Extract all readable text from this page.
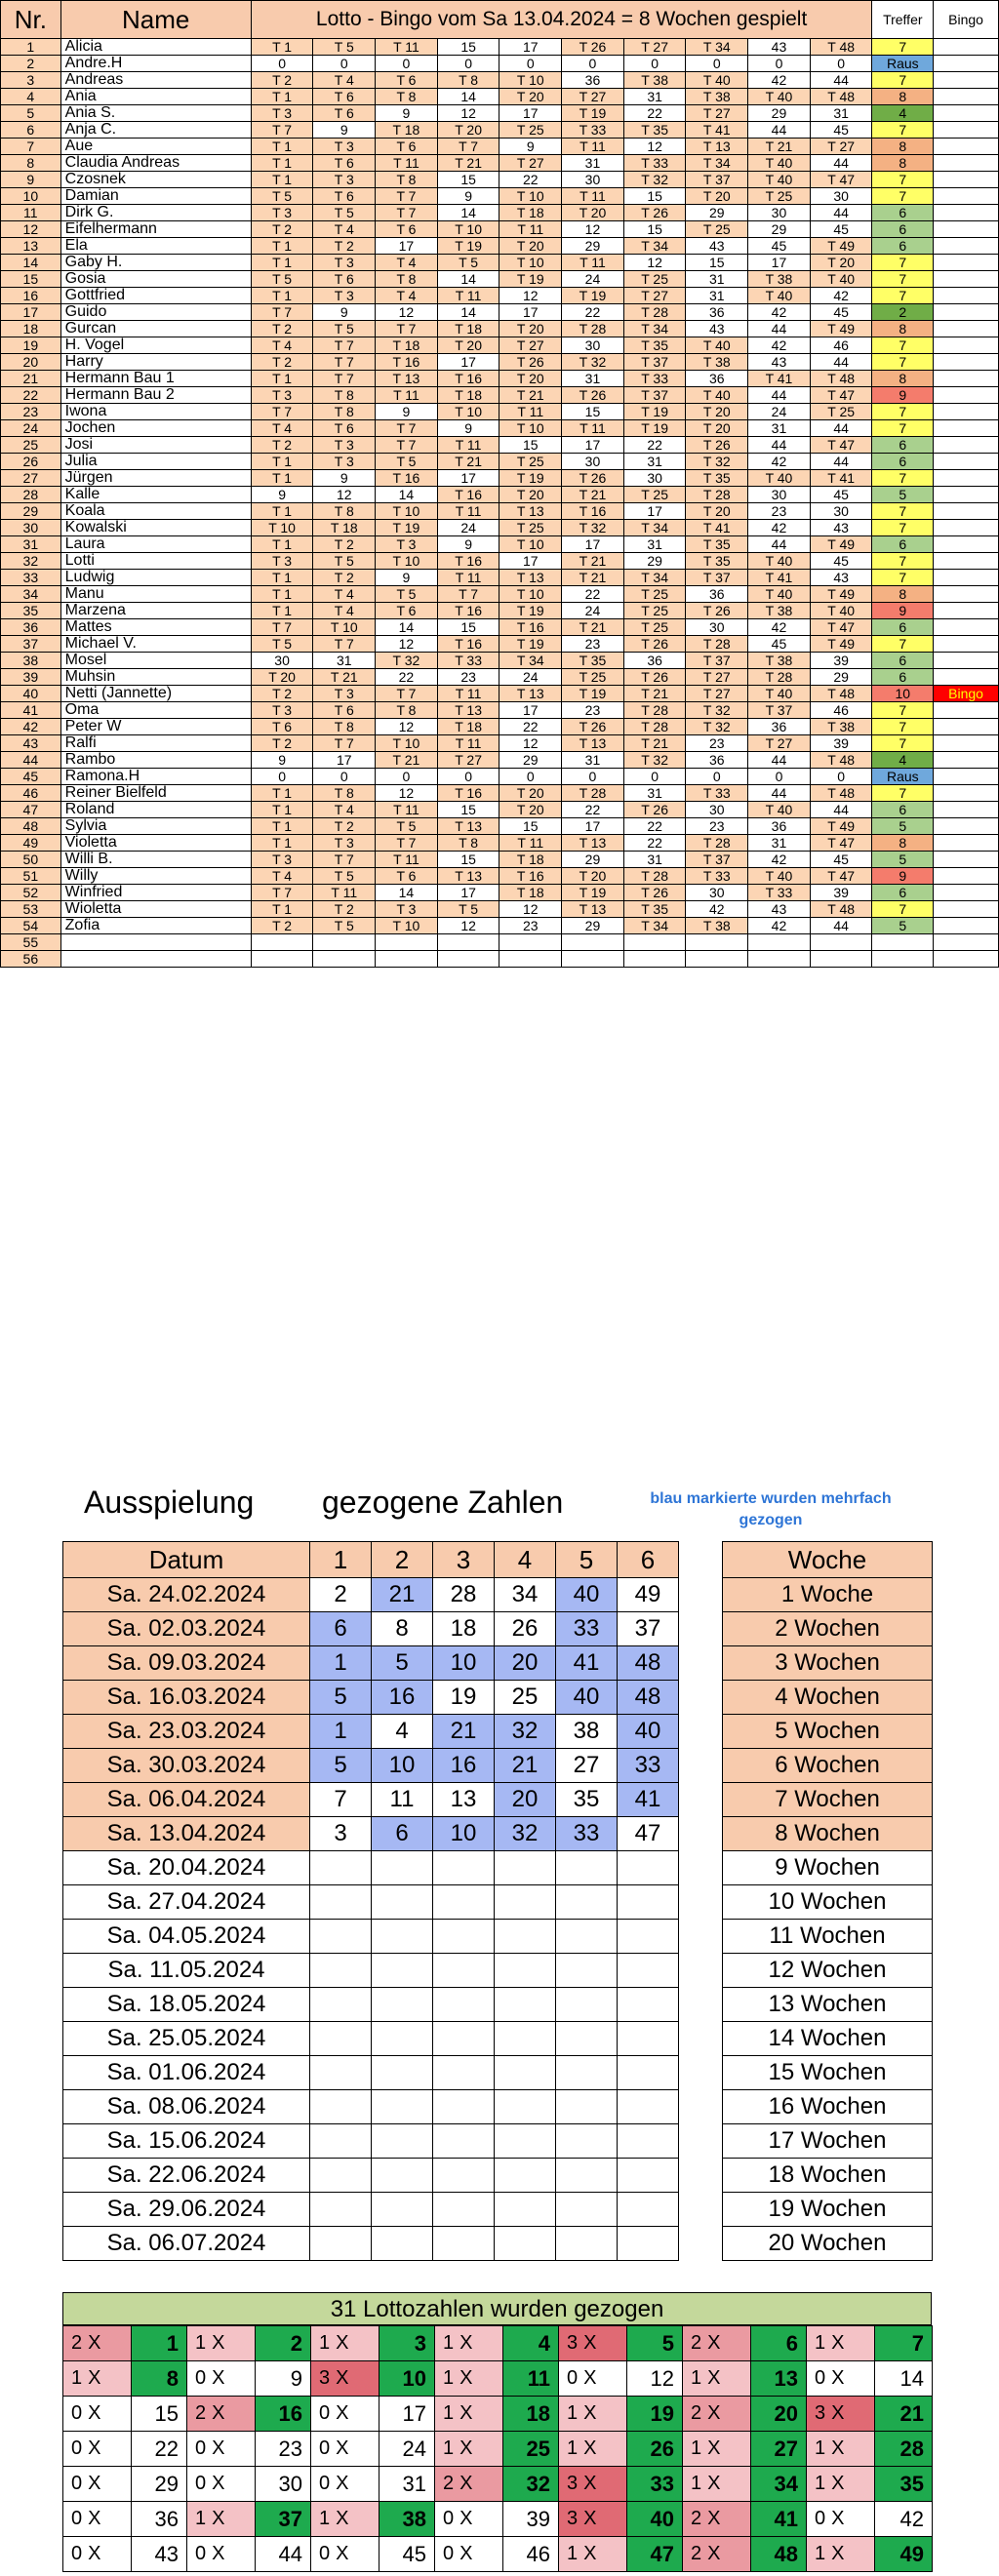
Nr.	Name	Lotto - Bingo vom Sa 13.04.2024 = 8 Wochen gespielt										Treffer	Bingo
1	Alicia	T 1	T 5	T 11	15	17	T 26	T 27	T 34	43	T 48	7	
2	Andre.H	0	0	0	0	0	0	0	0	0	0	Raus	
3	Andreas	T 2	T 4	T 6	T 8	T 10	36	T 38	T 40	42	44	7	
4	Ania	T 1	T 6	T 8	14	T 20	T 27	31	T 38	T 40	T 48	8	
5	Ania S.	T 3	T 6	9	12	17	T 19	22	T 27	29	31	4	
6	Anja C.	T 7	9	T 18	T 20	T 25	T 33	T 35	T 41	44	45	7	
7	Aue	T 1	T 3	T 6	T 7	9	T 11	12	T 13	T 21	T 27	8	
8	Claudia Andreas	T 1	T 6	T 11	T 21	T 27	31	T 33	T 34	T 40	44	8	
9	Czosnek	T 1	T 3	T 8	15	22	30	T 32	T 37	T 40	T 47	7	
10	Damian	T 5	T 6	T 7	9	T 10	T 11	15	T 20	T 25	30	7	
11	Dirk G.	T 3	T 5	T 7	14	T 18	T 20	T 26	29	30	44	6	
12	Eifelhermann	T 2	T 4	T 6	T 10	T 11	12	15	T 25	29	45	6	
13	Ela	T 1	T 2	17	T 19	T 20	29	T 34	43	45	T 49	6	
14	Gaby H.	T 1	T 3	T 4	T 5	T 10	T 11	12	15	17	T 20	7	
15	Gosia	T 5	T 6	T 8	14	T 19	24	T 25	31	T 38	T 40	7	
16	Gottfried	T 1	T 3	T 4	T 11	12	T 19	T 27	31	T 40	42	7	
17	Guido	T 7	9	12	14	17	22	T 28	36	42	45	2	
18	Gurcan	T 2	T 5	T 7	T 18	T 20	T 28	T 34	43	44	T 49	8	
19	H. Vogel	T 4	T 7	T 18	T 20	T 27	30	T 35	T 40	42	46	7	
20	Harry	T 2	T 7	T 16	17	T 26	T 32	T 37	T 38	43	44	7	
21	Hermann Bau 1	T 1	T 7	T 13	T 16	T 20	31	T 33	36	T 41	T 48	8	
22	Hermann Bau 2	T 3	T 8	T 11	T 18	T 21	T 26	T 37	T 40	44	T 47	9	
23	Iwona	T 7	T 8	9	T 10	T 11	15	T 19	T 20	24	T 25	7	
24	Jochen	T 4	T 6	T 7	9	T 10	T 11	T 19	T 20	31	44	7	
25	Josi	T 2	T 3	T 7	T 11	15	17	22	T 26	44	T 47	6	
26	Julia	T 1	T 3	T 5	T 21	T 25	30	31	T 32	42	44	6	
27	Jürgen	T 1	9	T 16	17	T 19	T 26	30	T 35	T 40	T 41	7	
28	Kalle	9	12	14	T 16	T 20	T 21	T 25	T 28	30	45	5	
29	Koala	T 1	T 8	T 10	T 11	T 13	T 16	17	T 20	23	30	7	
30	Kowalski	T 10	T 18	T 19	24	T 25	T 32	T 34	T 41	42	43	7	
31	Laura	T 1	T 2	T 3	9	T 10	17	31	T 35	44	T 49	6	
32	Lotti	T 3	T 5	T 10	T 16	17	T 21	29	T 35	T 40	45	7	
33	Ludwig	T 1	T 2	9	T 11	T 13	T 21	T 34	T 37	T 41	43	7	
34	Manu	T 1	T 4	T 5	T 7	T 10	22	T 25	36	T 40	T 49	8	
35	Marzena	T 1	T 4	T 6	T 16	T 19	24	T 25	T 26	T 38	T 40	9	
36	Mattes	T 7	T 10	14	15	T 16	T 21	T 25	30	42	T 47	6	
37	Michael V.	T 5	T 7	12	T 16	T 19	23	T 26	T 28	45	T 49	7	
38	Mosel	30	31	T 32	T 33	T 34	T 35	36	T 37	T 38	39	6	
39	Muhsin	T 20	T 21	22	23	24	T 25	T 26	T 27	T 28	29	6	
40	Netti (Jannette)	T 2	T 3	T 7	T 11	T 13	T 19	T 21	T 27	T 40	T 48	10	Bingo
41	Oma	T 3	T 6	T 8	T 13	17	23	T 28	T 32	T 37	46	7	
42	Peter W	T 6	T 8	12	T 18	22	T 26	T 28	T 32	36	T 38	7	
43	Ralfi	T 2	T 7	T 10	T 11	12	T 13	T 21	23	T 27	39	7	
44	Rambo	9	17	T 21	T 27	29	31	T 32	36	44	T 48	4	
45	Ramona.H	0	0	0	0	0	0	0	0	0	0	Raus	
46	Reiner Bielfeld	T 1	T 8	12	T 16	T 20	T 28	31	T 33	44	T 48	7	
47	Roland	T 1	T 4	T 11	15	T 20	22	T 26	30	T 40	44	6	
48	Sylvia	T 1	T 2	T 5	T 13	15	17	22	23	36	T 49	5	
49	Violetta	T 1	T 3	T 7	T 8	T 11	T 13	22	T 28	31	T 47	8	
50	Willi B.	T 3	T 7	T 11	15	T 18	29	31	T 37	42	45	5	
51	Willy	T 4	T 5	T 6	T 13	T 16	T 20	T 28	T 33	T 40	T 47	9	
52	Winfried	T 7	T 11	14	17	T 18	T 19	T 26	30	T 33	39	6	
53	Wioletta	T 1	T 2	T 3	T 5	12	T 13	T 35	42	43	T 48	7	
54	Zofia	T 2	T 5	T 10	12	23	29	T 34	T 38	42	44	5	
55													
56													
Ausspielung gezogene Zahlen	blau markierte wurden mehrfach gezogen
Datum	1	2	3	4	5	6		Woche
Sa. 24.02.2024	2	21	28	34	40	49		1 Woche
Sa. 02.03.2024	6	8	18	26	33	37		2 Wochen
Sa. 09.03.2024	1	5	10	20	41	48		3 Wochen
Sa. 16.03.2024	5	16	19	25	40	48		4 Wochen
Sa. 23.03.2024	1	4	21	32	38	40		5 Wochen
Sa. 30.03.2024	5	10	16	21	27	33		6 Wochen
Sa. 06.04.2024	7	11	13	20	35	41		7 Wochen
Sa. 13.04.2024	3	6	10	32	33	47		8 Wochen
Sa. 20.04.2024								9 Wochen
Sa. 27.04.2024								10 Wochen
Sa. 04.05.2024								11 Wochen
Sa. 11.05.2024								12 Wochen
Sa. 18.05.2024								13 Wochen
Sa. 25.05.2024								14 Wochen
Sa. 01.06.2024								15 Wochen
Sa. 08.06.2024								16 Wochen
Sa. 15.06.2024								17 Wochen
Sa. 22.06.2024								18 Wochen
Sa. 29.06.2024								19 Wochen
Sa. 06.07.2024								20 Wochen
31 Lottozahlen wurden gezogen
2 X	1	1 X	2	1 X	3	1 X	4	3 X	5	2 X	6	1 X	7
1 X	8	0 X	9	3 X	10	1 X	11	0 X	12	1 X	13	0 X	14
0 X	15	2 X	16	0 X	17	1 X	18	1 X	19	2 X	20	3 X	21
0 X	22	0 X	23	0 X	24	1 X	25	1 X	26	1 X	27	1 X	28
0 X	29	0 X	30	0 X	31	2 X	32	3 X	33	1 X	34	1 X	35
0 X	36	1 X	37	1 X	38	0 X	39	3 X	40	2 X	41	0 X	42
0 X	43	0 X	44	0 X	45	0 X	46	1 X	47	2 X	48	1 X	49
